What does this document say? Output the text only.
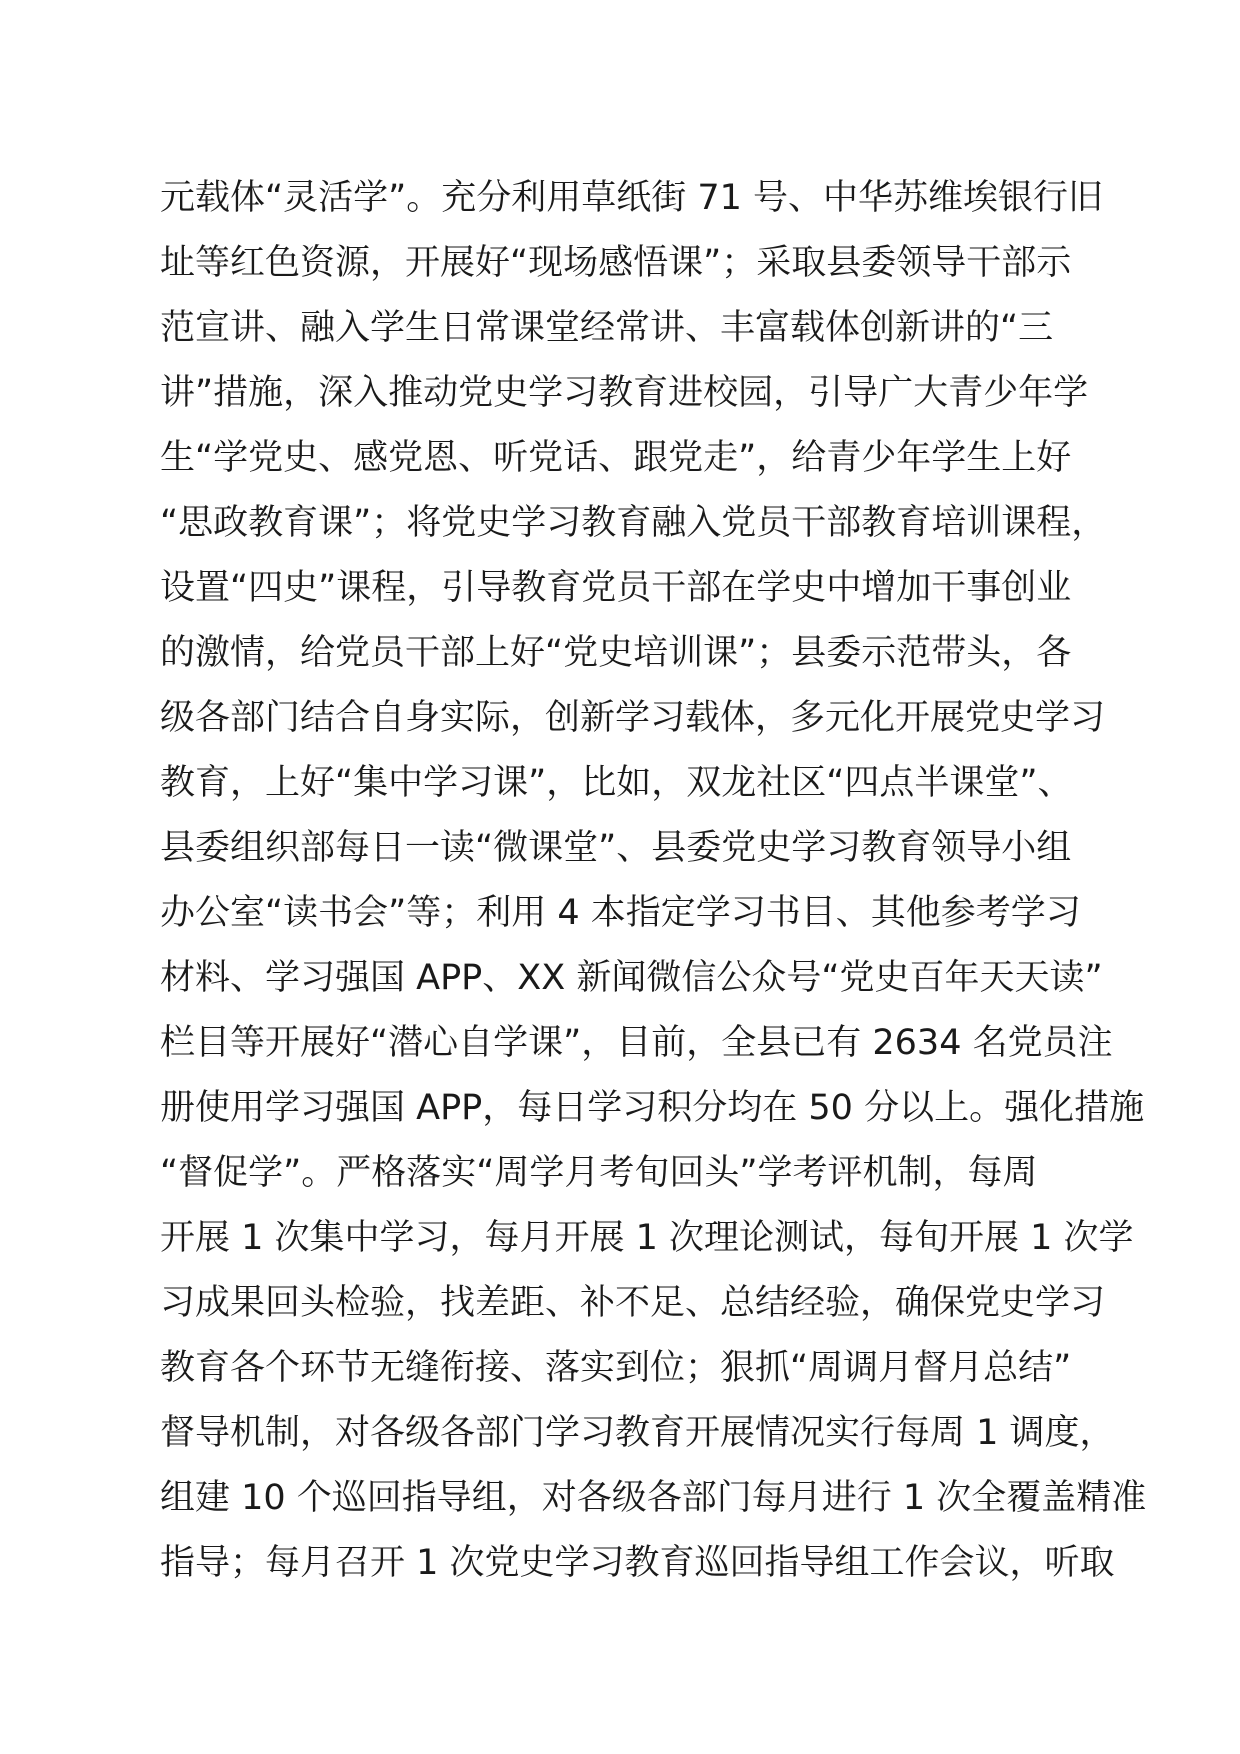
元载体“灵活学”。充分利用草纸街 71 号、中华苏维埃银行旧
址等红色资源，开展好“现场感悟课”；采取县委领导干部示
范宣讲、融入学生日常课堂经常讲、丰富载体创新讲的“三
讲”措施，深入推动党史学习教育进校园，引导广大青少年学
生“学党史、感党恩、听党话、跟党走”，给青少年学生上好
“思政教育课”；将党史学习教育融入党员干部教育培训课程，
设置“四史”课程，引导教育党员干部在学史中增加干事创业
的激情，给党员干部上好“党史培训课”；县委示范带头，各
级各部门结合自身实际，创新学习载体，多元化开展党史学习
教育，上好“集中学习课”，比如，双龙社区“四点半课堂”、
县委组织部每日一读“微课堂”、县委党史学习教育领导小组
办公室“读书会”等；利用 4 本指定学习书目、其他参考学习
材料、学习强国 APP、XX 新闻微信公众号“党史百年天天读”
栏目等开展好“潜心自学课”，目前，全县已有 2634 名党员注
册使用学习强国 APP，每日学习积分均在 50 分以上。强化措施
“督促学”。严格落实“周学月考旬回头”学考评机制，每周
开展 1 次集中学习，每月开展 1 次理论测试，每旬开展 1 次学
习成果回头检验，找差距、补不足、总结经验，确保党史学习
教育各个环节无缝衔接、落实到位；狠抓“周调月督月总结”
督导机制，对各级各部门学习教育开展情况实行每周 1 调度，
组建 10 个巡回指导组，对各级各部门每月进行 1 次全覆盖精准
指导；每月召开 1 次党史学习教育巡回指导组工作会议，听取
